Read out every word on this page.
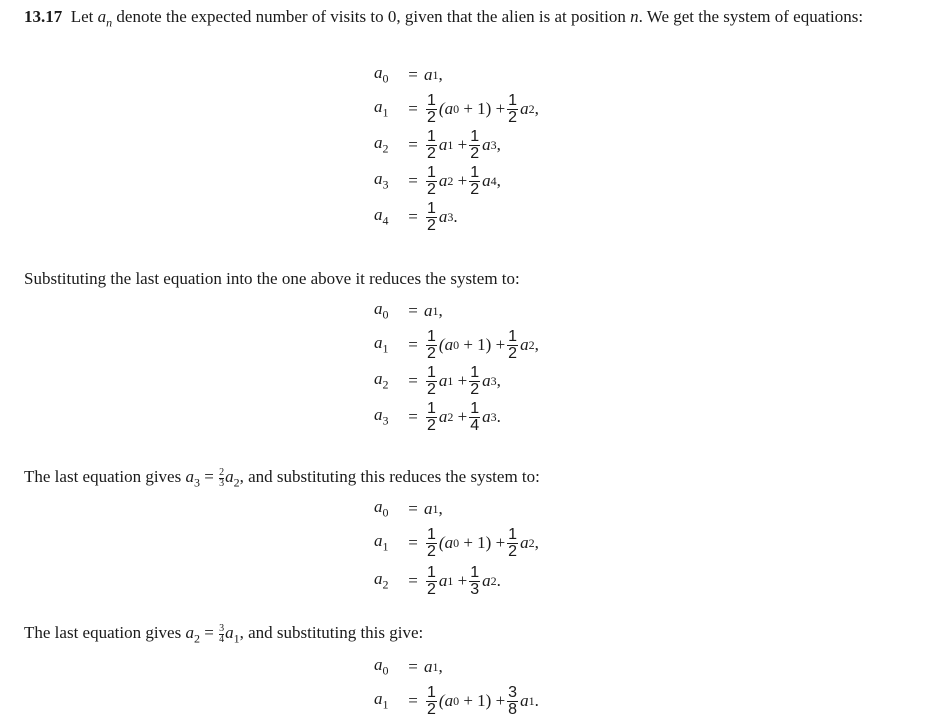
13.17 Let $a_n$ denote the expected number of visits to 0, given that the alien is at position n. We get the system of equations:

$a_0$	= a 1 ,
$a_1$	= $\frac{1}{2} (a$ $0 + 1) + \frac{1}{2}$ a 2 ,
$a_2$	= $\frac{1}{2}$ a $1 + \frac{1}{2}$ a 3 ,
$a_3$	= $\frac{1}{2}$ a $2 + \frac{1}{2}$ a 4 ,
$a_4$	= $\frac{1}{2}$ a 3 .

Substituting the last equation into the one above it reduces the system to:

$a_0$	= a 1 ,
$a_1$	= $\frac{1}{2} (a$ $0 + 1) + \frac{1}{2}$ a 2 ,
$a_2$	= $\frac{1}{2}$ a $1 + \frac{1}{2}$ a 3 ,
$a_3$	= $\frac{1}{2}$ a $2 + \frac{1}{4}$ a 3 .

The last equation gives $a_3 = \frac{2}{3} a_2$, and substituting this reduces the system to:

$a_0$	= a 1 ,
$a_1$	= $\frac{1}{2} (a$ $0 + 1) + \frac{1}{2}$ a 2 ,
$a_2$	= $\frac{1}{2}$ a $1 + \frac{1}{3}$ a 2 .

The last equation gives $a_2 = \frac{3}{4} a_1$, and substituting this give:

$a_0$	= a 1 ,
$a_1$	= $\frac{1}{2} (a$ $0 + 1) + \frac{3}{8}$ a 1 .
